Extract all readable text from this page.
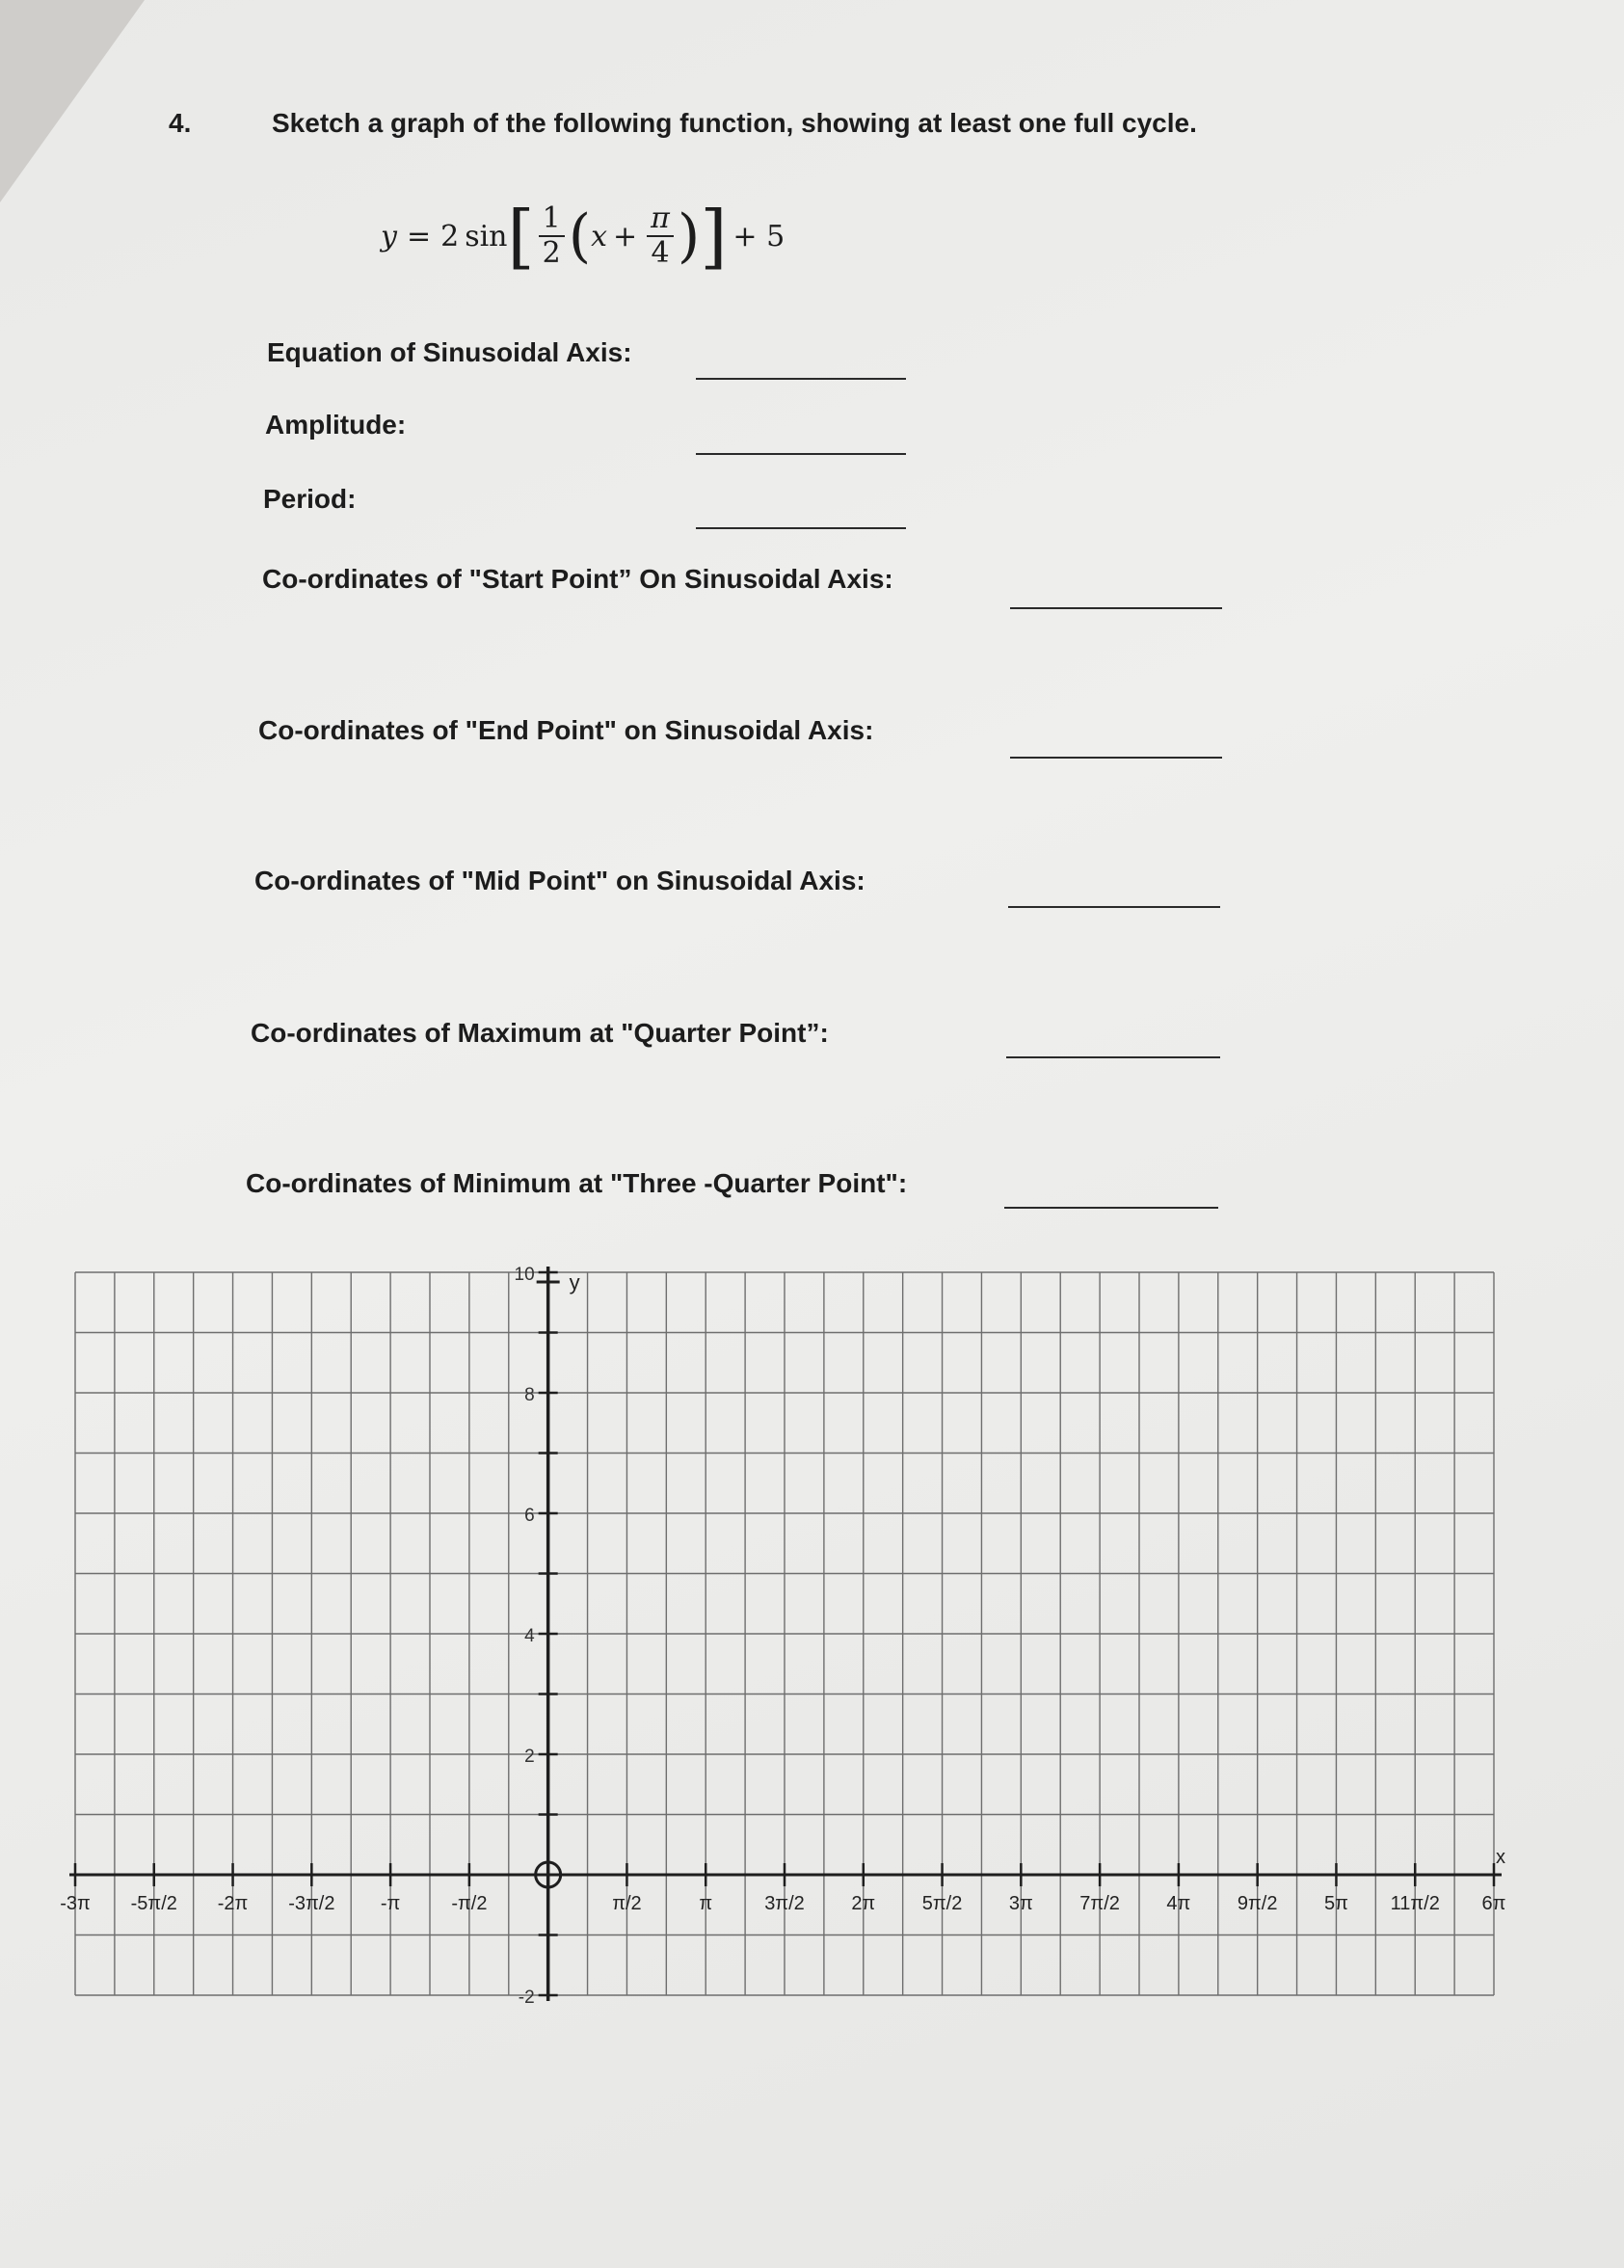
4.	Sketch a graph of the following function, showing at least one full cycle.
y = 2 sin [ $\frac{1}{2}$ ( $x + \frac{\pi}{4}$ ) ] + 5
Equation of Sinusoidal Axis:
Amplitude:
Period:
Co-ordinates of "Start Point” On Sinusoidal Axis:
Co-ordinates of "End Point" on Sinusoidal Axis:
Co-ordinates of "Mid Point" on Sinusoidal Axis:
Co-ordinates of Maximum at "Quarter Point”:
Co-ordinates of Minimum at "Three -Quarter Point":
y
x
10
8
6
4
2
-2
-3π -5π/2 -2π -3π/2 -π	-π/2	π/2	π	3π/2 2π 5π/2 3π 7π/2 4π 9π/2 5π 11π/2 6π
